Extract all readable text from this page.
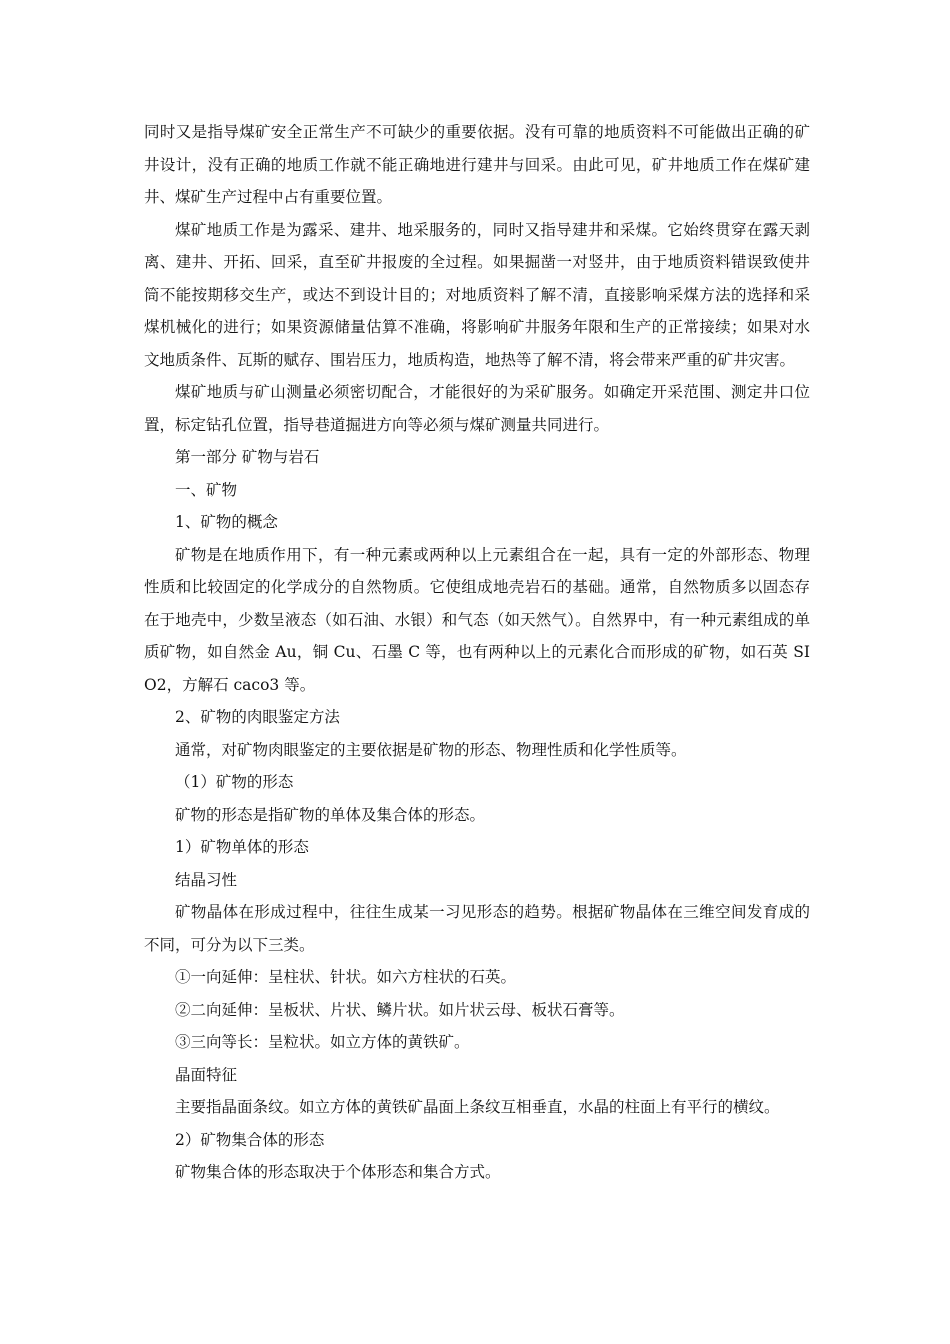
同时又是指导煤矿安全正常生产不可缺少的重要依据。没有可靠的地质资料不可能做出正确的矿井设计，没有正确的地质工作就不能正确地进行建井与回采。由此可见，矿井地质工作在煤矿建井、煤矿生产过程中占有重要位置。

煤矿地质工作是为露采、建井、地采服务的，同时又指导建井和采煤。它始终贯穿在露天剥离、建井、开拓、回采，直至矿井报废的全过程。如果掘凿一对竖井，由于地质资料错误致使井筒不能按期移交生产，或达不到设计目的；对地质资料了解不清，直接影响采煤方法的选择和采煤机械化的进行；如果资源储量估算不准确，将影响矿井服务年限和生产的正常接续；如果对水文地质条件、瓦斯的赋存、围岩压力，地质构造，地热等了解不清，将会带来严重的矿井灾害。

煤矿地质与矿山测量必须密切配合，才能很好的为采矿服务。如确定开采范围、测定井口位置，标定钻孔位置，指导巷道掘进方向等必须与煤矿测量共同进行。

第一部分 矿物与岩石

一、矿物

1、矿物的概念

矿物是在地质作用下，有一种元素或两种以上元素组合在一起，具有一定的外部形态、物理性质和比较固定的化学成分的自然物质。它使组成地壳岩石的基础。通常，自然物质多以固态存在于地壳中，少数呈液态（如石油、水银）和气态（如天然气）。自然界中，有一种元素组成的单质矿物，如自然金 Au，铜 Cu、石墨 C 等，也有两种以上的元素化合而形成的矿物，如石英 SIO2，方解石 caco3 等。

2、矿物的肉眼鉴定方法

通常，对矿物肉眼鉴定的主要依据是矿物的形态、物理性质和化学性质等。

（1）矿物的形态

矿物的形态是指矿物的单体及集合体的形态。

1）矿物单体的形态

结晶习性

矿物晶体在形成过程中，往往生成某一习见形态的趋势。根据矿物晶体在三维空间发育成的不同，可分为以下三类。

①一向延伸：呈柱状、针状。如六方柱状的石英。

②二向延伸：呈板状、片状、鳞片状。如片状云母、板状石膏等。

③三向等长：呈粒状。如立方体的黄铁矿。

晶面特征

主要指晶面条纹。如立方体的黄铁矿晶面上条纹互相垂直，水晶的柱面上有平行的横纹。

2）矿物集合体的形态

矿物集合体的形态取决于个体形态和集合方式。
